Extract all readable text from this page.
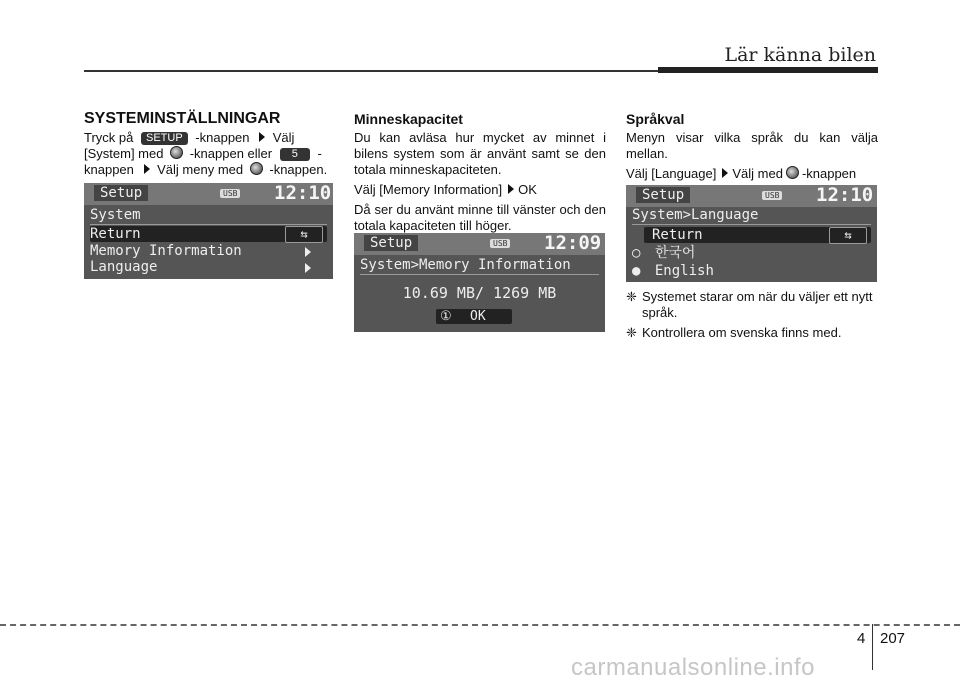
Lär känna bilen
SYSTEMINSTÄLLNINGAR
Tryck på SETUP -knappen Välj
[System] med -knappen eller 5 -
knappen Välj meny med -knappen.
Setup	USB 12:10
System
Return	⇆
Memory Information
Language
Minneskapacitet
Du kan avläsa hur mycket av minnet i bilens system som är använt samt se den totala minneskapaciteten.
Välj [Memory Information] OK
Då ser du använt minne till vänster och den totala kapaciteten till höger.
Setup	USB 12:09
System>Memory Information
10.69 MB/ 1269 MB
① OK
Språkval
Menyn visar vilka språk du kan välja mellan.
Välj [Language] Välj med -knappen
Setup	USB 12:10
System>Language
Return	⇆
○ 한국어
● English
❈ Systemet starar om när du väljer ett nytt språk.
❈ Kontrollera om svenska finns med.
4 207
carmanualsonline.info
